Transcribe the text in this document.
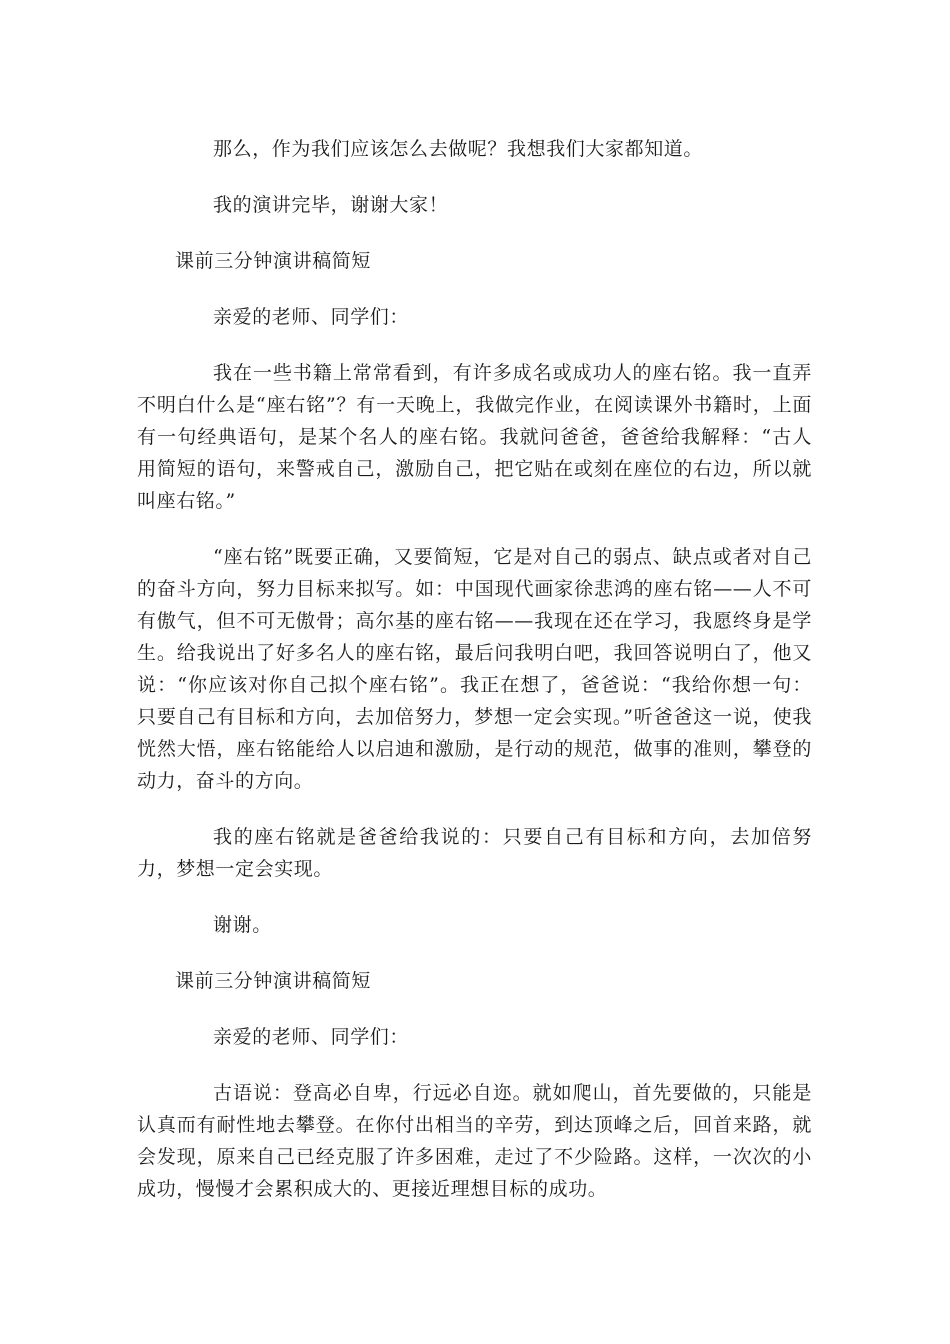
那么，作为我们应该怎么去做呢？我想我们大家都知道。

我的演讲完毕，谢谢大家！

课前三分钟演讲稿简短

亲爱的老师、同学们：

我在一些书籍上常常看到，有许多成名或成功人的座右铭。我一直弄不明白什么是“座右铭”？有一天晚上，我做完作业，在阅读课外书籍时，上面有一句经典语句，是某个名人的座右铭。我就问爸爸，爸爸给我解释：“古人用简短的语句，来警戒自己，激励自己，把它贴在或刻在座位的右边，所以就叫座右铭。”

“座右铭”既要正确，又要简短，它是对自己的弱点、缺点或者对自己的奋斗方向，努力目标来拟写。如：中国现代画家徐悲鸿的座右铭——人不可有傲气，但不可无傲骨；高尔基的座右铭——我现在还在学习，我愿终身是学生。给我说出了好多名人的座右铭，最后问我明白吧，我回答说明白了，他又说：“你应该对你自己拟个座右铭”。我正在想了，爸爸说：“我给你想一句：只要自己有目标和方向，去加倍努力，梦想一定会实现。”听爸爸这一说，使我恍然大悟，座右铭能给人以启迪和激励，是行动的规范，做事的准则，攀登的动力，奋斗的方向。

我的座右铭就是爸爸给我说的：只要自己有目标和方向，去加倍努力，梦想一定会实现。

谢谢。

课前三分钟演讲稿简短

亲爱的老师、同学们：

古语说：登高必自卑，行远必自迩。就如爬山，首先要做的，只能是认真而有耐性地去攀登。在你付出相当的辛劳，到达顶峰之后，回首来路，就会发现，原来自己已经克服了许多困难，走过了不少险路。这样，一次次的小成功，慢慢才会累积成大的、更接近理想目标的成功。
